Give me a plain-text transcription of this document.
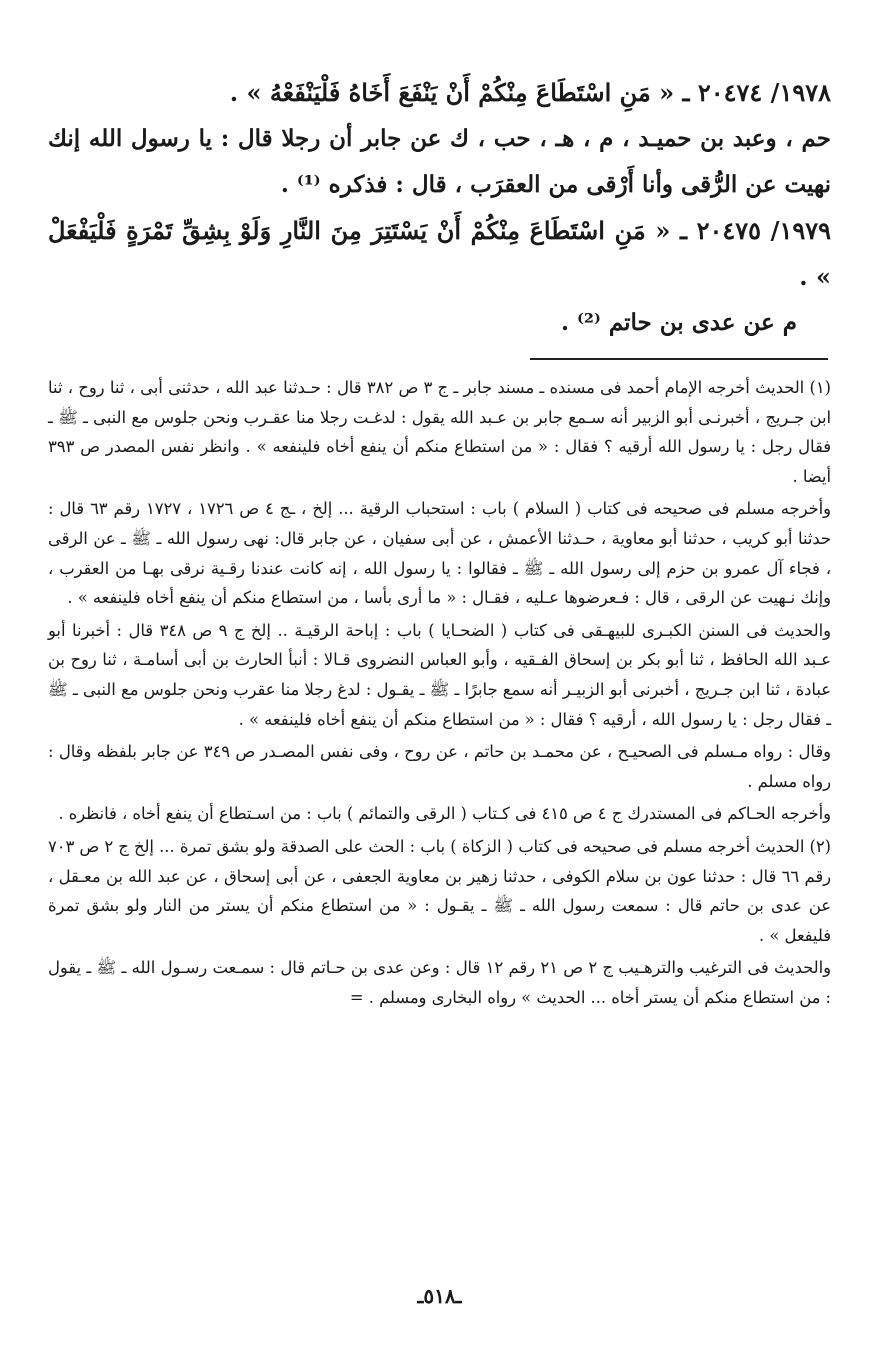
١٩٧٨/ ٢٠٤٧٤ ـ « مَنِ اسْتَطَاعَ مِنْكُمْ أَنْ يَنْفَعَ أَخَاهُ فَلْيَنْفَعْهُ » .

حم ، وعبد بن حميـد ، م ، هـ ، حب ، ك عن جابر أن رجلا قال : يا رسول الله إنك نهيت عن الرُّقى وأنا أَرْقى من العقرَب ، قال : فذكره ⁽¹⁾ .

١٩٧٩/ ٢٠٤٧٥ ـ « مَنِ اسْتَطَاعَ مِنْكُمْ أَنْ يَسْتَتِرَ مِنَ النَّارِ وَلَوْ بِشِقِّ تَمْرَةٍ فَلْيَفْعَلْ » .

م عن عدى بن حاتم ⁽²⁾ .

(١) الحديث أخرجه الإمام أحمد فى مسنده ـ مسند جابر ـ ج ٣ ص ٣٨٢ قال : حـدثنا عبد الله ، حدثنى أبى ، ثنا روح ، ثنا ابن جـريج ، أخبرنـى أبو الزبير أنه سـمع جابر بن عـبد الله يقول : لدغـت رجلا منا عقـرب ونحن جلوس مع النبى ـ ﷺ ـ فقال رجل : يا رسول الله أرقيه ؟ فقال : « من استطاع منكم أن ينفع أخاه فلينفعه » . وانظر نفس المصدر ص ٣٩٣ أيضا .

وأخرجه مسلم فى صحيحه فى كتاب ( السلام ) باب : استحباب الرقية ... إلخ ، ـج ٤ ص ١٧٢٦ ، ١٧٢٧ رقم ٦٣ قال : حدثنا أبو كريب ، حدثنا أبو معاوية ، حـدثنا الأعمش ، عن أبى سفيان ، عن جابر قال: نهى رسول الله ـ ﷺ ـ عن الرقى ، فجاء آل عمرو بن حزم إلى رسول الله ـ ﷺ ـ فقالوا : يا رسول الله ، إنه كانت عندنا رقـية نرقى بهـا من العقرب ، وإنك نـهيت عن الرقى ، قال : فـعرضوها عـليه ، فقـال : « ما أرى بأسا ، من استطاع منكم أن ينفع أخاه فلينفعه » .

والحديث فى السنن الكبـرى للبيهـقى فى كتاب ( الضحـايا ) باب : إباحة الرقيـة .. إلخ ج ٩ ص ٣٤٨ قال : أخبرنا أبو عـبد الله الحافظ ، ثنا أبو بكر بن إسحاق الفـقيه ، وأبو العباس النضروى قـالا : أنبأ الحارث بن أبى أسامـة ، ثنا روح بن عبادة ، ثنا ابن جـريج ، أخبرنى أبو الزبيـر أنه سمع جابرًا ـ ﷺ ـ يقـول : لدغ رجلا منا عقرب ونحن جلوس مع النبى ـ ﷺ ـ فقال رجل : يا رسول الله ، أرقيه ؟ فقال : « من استطاع منكم أن ينفع أخاه فلينفعه » .

وقال : رواه مـسلم فى الصحيـح ، عن محمـد بن حاتم ، عن روح ، وفى نفس المصـدر ص ٣٤٩ عن جابر بلفظه وقال : رواه مسلم .

وأخرجه الحـاكم فى المستدرك ج ٤ ص ٤١٥ فى كـتاب ( الرقى والتمائم ) باب : من اسـتطاع أن ينفع أخاه ، فانظره .

(٢) الحديث أخرجه مسلم فى صحيحه فى كتاب ( الزكاة ) باب : الحث على الصدقة ولو بشق تمرة ... إلخ ج ٢ ص ٧٠٣ رقم ٦٦ قال : حدثنا عون بن سلام الكوفى ، حدثنا زهير بن معاوية الجعفى ، عن أبى إسحاق ، عن عبد الله بن معـقل ، عن عدى بن حاتم قال : سمعت رسول الله ـ ﷺ ـ يقـول : « من استطاع منكم أن يستر من النار ولو بشق تمرة فليفعل » .

والحديث فى الترغيب والترهـيب ج ٢ ص ٢١ رقم ١٢ قال : وعن عدى بن حـاتم قال : سمـعت رسـول الله ـ ﷺ ـ يقول : من استطاع منكم أن يستر أخاه ... الحديث » رواه البخارى ومسلم . =

ـ٥١٨ـ
